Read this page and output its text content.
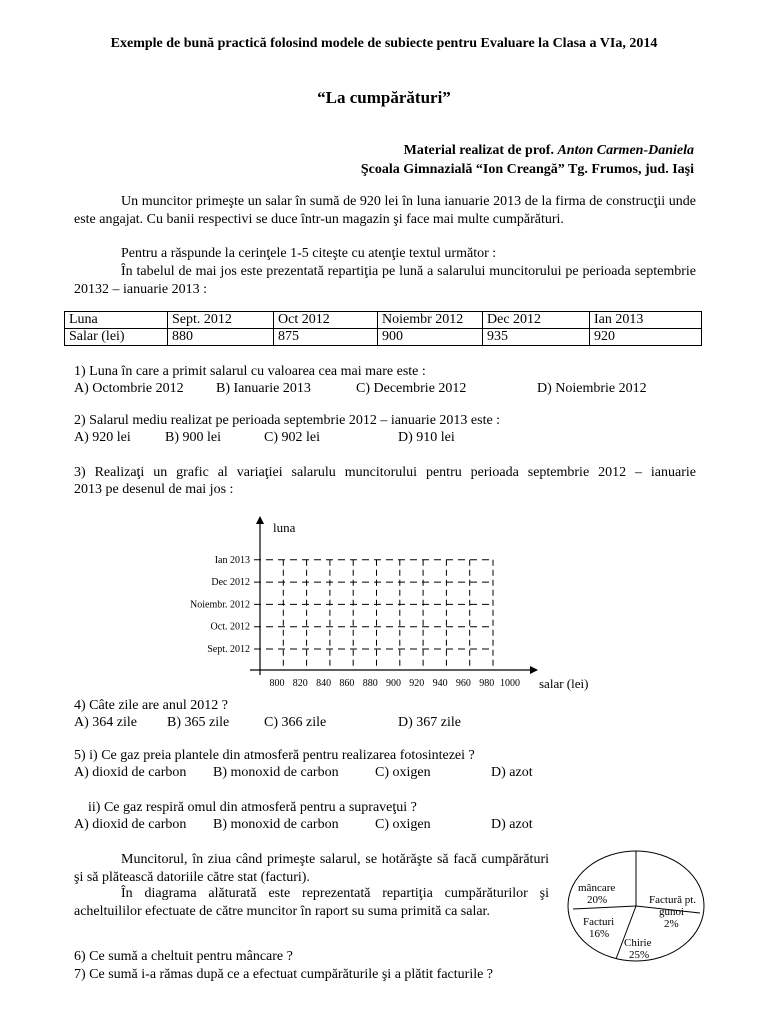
Exemple de bună practică folosind modele de subiecte pentru Evaluare la Clasa a VIa, 2014
“La cumpărături”
Material realizat de prof. Anton Carmen-Daniela
Şcoala Gimnazială “Ion Creangă” Tg. Frumos, jud. Iaşi
Un muncitor primeşte un salar în sumă de 920 lei în luna ianuarie 2013 de la firma de construcţii unde este angajat. Cu banii respectivi se duce într-un magazin şi face mai multe cumpărături.
Pentru a răspunde la cerinţele 1-5 citeşte cu atenţie textul următor :
În tabelul de mai jos este prezentată repartiţia pe lună a salarului muncitorului pe perioada septembrie 20132 – ianuarie 2013 :
Luna	Sept. 2012	Oct 2012	Noiembr 2012	Dec 2012	Ian 2013
Salar (lei)	880	875	900	935	920
1) Luna în care a primit salarul cu valoarea cea mai mare este :
A) Octombrie 2012 B) Ianuarie 2013	C) Decembrie 2012	D) Noiembrie 2012
2) Salarul mediu realizat pe perioada septembrie 2012 – ianuarie 2013 este :
A) 920 lei B) 900 lei	C) 902 lei	D) 910 lei
3) Realizaţi un grafic al variaţiei salarulu muncitorului pentru perioada septembrie 2012 – ianuarie
2013 pe desenul de mai jos :
luna
salar (lei)
800 820 840 860 880 900 920 940 960 980 1000
Sept. 2012
Oct. 2012
Noiembr. 2012
Dec 2012
Ian 2013
4) Câte zile are anul 2012 ?
A) 364 zile B) 365 zile C) 366 zile	D) 367 zile
5) i) Ce gaz preia plantele din atmosferă pentru realizarea fotosintezei ?
A) dioxid de carbon B) monoxid de carbon	C) oxigen	D) azot
ii) Ce gaz respiră omul din atmosferă pentru a supraveţui ?
A) dioxid de carbon B) monoxid de carbon	C) oxigen	D) azot
Muncitorul, în ziua când primeşte salarul, se hotărăşte să facă cumpărături şi să plătească datoriile către stat (facturi).
În diagrama alăturată este reprezentată repartiţia cumpărăturilor şi acheltuililor efectuate de către muncitor în raport su suma primită ca salar.
mâncare
20%	Factură pt.
gunoi
2%
Chirie
25%
Facturi
16%
6) Ce sumă a cheltuit pentru mâncare ?
7) Ce sumă i-a rămas după ce a efectuat cumpărăturile şi a plătit facturile ?
